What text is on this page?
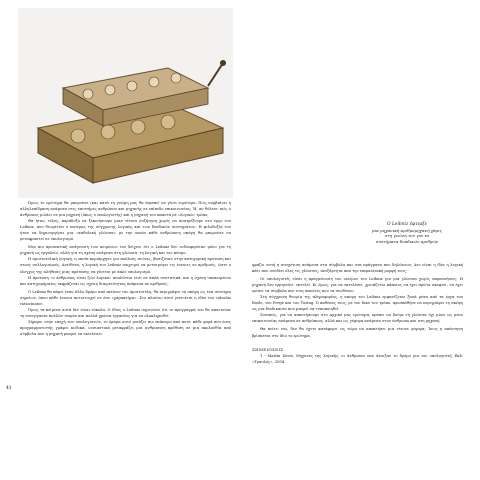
Όμως το ερώτημα θα μπορούσε (και κατά τη γνώμη μας θα έπρεπε) να γίνει ευρύτερο: Πώς συμβαίνει η αλληλεπίδραση ανάμεσα στις επιστήμες ανθρώπου και μηχανής σε επίπεδο επικοινωνίας; Ή, αν θέλετε: πώς ο άνθρωπος μιλάει σε μια μηχανή (όπως ο υπολογιστής) και η μηχανή του απαντά με «λογικό» τρόπο;

Θα ήταν, τέλος, παράδοξο να ξεκινήσουμε μιαν τέτοια συζήτηση χωρίς να ανατρέξουμε στο έργο του Leibniz, που θεωρείται ο πατέρας της σύγχρονης λογικής και των δυαδικών συστημάτων. Η φιλοδοξία του ήταν να δημιουργήσει μια «καθολική γλώσσα» με την οποία κάθε ανθρώπινη σκέψη θα μπορούσε να μεταφραστεί σε υπολογισμό.

Μια πιο προσεκτική ανάγνωση των κειμένων του δείχνει ότι ο Leibniz δεν ενδιαφερόταν μόνο για τη μηχανή ως εργαλείο, αλλά για τη σχέση ανάμεσα στη γλώσσα, τη λογική και τον κόσμο.

Η αριστοτελική λογική, η οποία κυριάρχησε για πολλούς αιώνες, βασιζόταν στην κατηγορική πρόταση και στους συλλογισμούς. Αντίθετα, η λογική του Leibniz επιχειρεί να μετατρέψει τις έννοιες σε αριθμούς, ώστε ο έλεγχος της αλήθειας μιας πρότασης να γίνεται με απλό υπολογισμό.

Η πρόταση «ο άνθρωπος είναι ζώο λογικό» αναλύεται έτσι σε απλά συστατικά, και η σχέση υποκειμένου και κατηγορήματος εκφράζεται ως σχέση διαιρετότητας ανάμεσα σε αριθμούς.

Ο Leibniz θα πάρει έναν άλλο δρόμο από εκείνον του Αριστοτέλη, θα περιγράψει τη σκέψη ως ένα σύστημα σημείων, όπου κάθε έννοια αντιστοιχεί σε ένα «χαρακτήρα». Στο πλαίσιο αυτό γεννιέται η ιδέα του calculus ratiocinator.

Όμως τα κείμενα αυτά δεν είναι εύκολα. Ο ίδιος ο Leibniz σημειώνει ότι το πρόγραμμά του θα απαιτούσε τη συνεργασία πολλών σοφών και πολλά χρόνια εργασίας για να ολοκληρωθεί.

Σήμερα, στην εποχή των υπολογιστών, το όραμα αυτό μοιάζει πιο επίκαιρο από ποτέ: κάθε φορά που ένας προγραμματιστής γράφει κώδικα, ουσιαστικά μεταφράζει μια ανθρώπινη πρόθεση σε μια ακολουθία από σύμβολα που η μηχανή μπορεί να εκτελέσει.

O Leibniz έφτιαξε
μια μηχανική αριθμομηχανή χάρις
στη γνώση του για τα
συστήματα δυαδικών αριθμών

φράζει αυτή η συσχέτιση ανάμεσα στα σύμβολα και στα πράγματα που δηλώνουν; Δεν είναι η ίδια η λογική κάτι που συνδέει όλες τις γλώσσες, ανεξάρτητα από την επιφανειακή μορφή τους;

Οι υπολογιστές είναι η πραγμάτωση του ονείρου του Leibniz για μια γλώσσα χωρίς παρανοήσεις. Η μηχανή δεν ερμηνεύει· εκτελεί. Κι όμως, για να εκτελέσει, χρειάζεται κάποιος να έχει πρώτα σκεφτεί, να έχει ορίσει τα σύμβολα και τους κανόνες που τα συνδέουν.

Στη σύγχρονη θεωρία της πληροφορίας, η σκέψη του Leibniz εμφανίζεται ξανά μέσα από τα έργα του Boole, του Frege και του Turing. Ο καθένας τους, με τον δικό του τρόπο, προσπάθησε να περιγράψει τη σκέψη ως μια διαδικασία που μπορεί να τυποποιηθεί.

Συνεπώς, για να απαντήσουμε στο αρχικό μας ερώτημα, πρέπει να δούμε τη γλώσσα όχι μόνο ως μέσο επικοινωνίας ανάμεσα σε ανθρώπους, αλλά και ως γέφυρα ανάμεσα στον άνθρωπο και στη μηχανή.

Θα πείτε: ναι, δεν θα έχετε κατάφερει ως τώρα να αποκτήσει μια τέτοια γέφυρα; Ίσως η απάντηση βρίσκεται στο ίδιο το ερώτημα.

ΣΗΜΕΙΩΣΕΙΣ

1 - Martin Davis, Μηχανές της λογικής: οι άνθρωποι που άνοιξαν το δρόμο για τον υπολογιστή, Εκδ. «Τραυλός», 2004.

41
